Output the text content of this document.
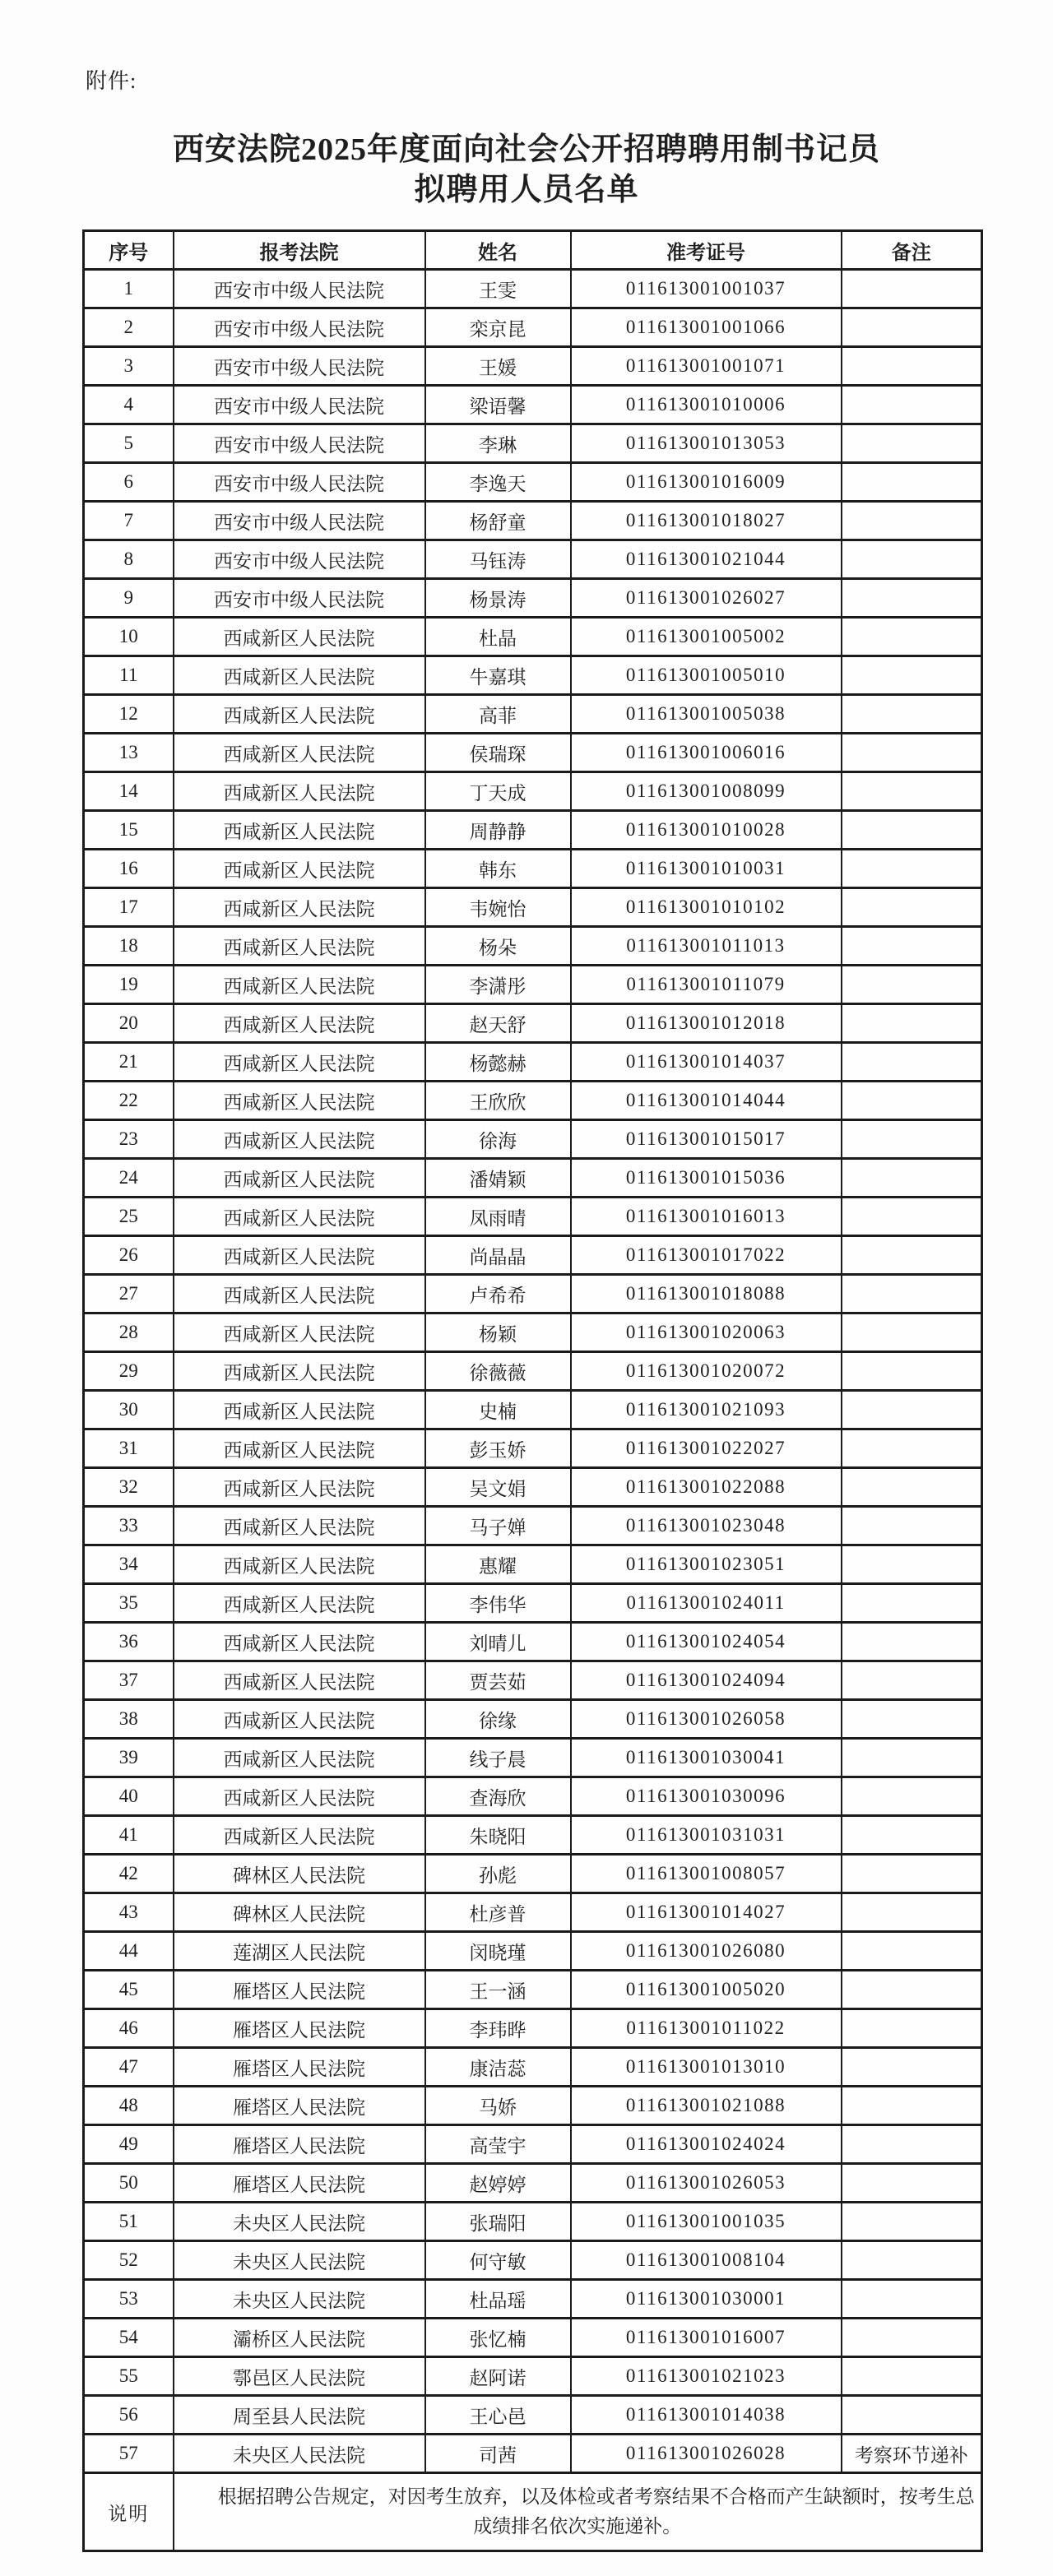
附件:
西安法院2025年度面向社会公开招聘聘用制书记员
拟聘用人员名单
序号	报考法院	姓名	准考证号	备注
1	西安市中级人民法院	王雯	011613001001037	
2	西安市中级人民法院	栾京昆	011613001001066	
3	西安市中级人民法院	王媛	011613001001071	
4	西安市中级人民法院	梁语馨	011613001010006	
5	西安市中级人民法院	李琳	011613001013053	
6	西安市中级人民法院	李逸天	011613001016009	
7	西安市中级人民法院	杨舒童	011613001018027	
8	西安市中级人民法院	马钰涛	011613001021044	
9	西安市中级人民法院	杨景涛	011613001026027	
10	西咸新区人民法院	杜晶	011613001005002	
11	西咸新区人民法院	牛嘉琪	011613001005010	
12	西咸新区人民法院	高菲	011613001005038	
13	西咸新区人民法院	侯瑞琛	011613001006016	
14	西咸新区人民法院	丁天成	011613001008099	
15	西咸新区人民法院	周静静	011613001010028	
16	西咸新区人民法院	韩东	011613001010031	
17	西咸新区人民法院	韦婉怡	011613001010102	
18	西咸新区人民法院	杨朵	011613001011013	
19	西咸新区人民法院	李潇彤	011613001011079	
20	西咸新区人民法院	赵天舒	011613001012018	
21	西咸新区人民法院	杨懿赫	011613001014037	
22	西咸新区人民法院	王欣欣	011613001014044	
23	西咸新区人民法院	徐海	011613001015017	
24	西咸新区人民法院	潘婧颖	011613001015036	
25	西咸新区人民法院	凤雨晴	011613001016013	
26	西咸新区人民法院	尚晶晶	011613001017022	
27	西咸新区人民法院	卢希希	011613001018088	
28	西咸新区人民法院	杨颖	011613001020063	
29	西咸新区人民法院	徐薇薇	011613001020072	
30	西咸新区人民法院	史楠	011613001021093	
31	西咸新区人民法院	彭玉娇	011613001022027	
32	西咸新区人民法院	吴文娟	011613001022088	
33	西咸新区人民法院	马子婵	011613001023048	
34	西咸新区人民法院	惠耀	011613001023051	
35	西咸新区人民法院	李伟华	011613001024011	
36	西咸新区人民法院	刘晴儿	011613001024054	
37	西咸新区人民法院	贾芸茹	011613001024094	
38	西咸新区人民法院	徐缘	011613001026058	
39	西咸新区人民法院	线子晨	011613001030041	
40	西咸新区人民法院	查海欣	011613001030096	
41	西咸新区人民法院	朱晓阳	011613001031031	
42	碑林区人民法院	孙彪	011613001008057	
43	碑林区人民法院	杜彦普	011613001014027	
44	莲湖区人民法院	闵晓瑾	011613001026080	
45	雁塔区人民法院	王一涵	011613001005020	
46	雁塔区人民法院	李玮晔	011613001011022	
47	雁塔区人民法院	康洁蕊	011613001013010	
48	雁塔区人民法院	马娇	011613001021088	
49	雁塔区人民法院	高莹宇	011613001024024	
50	雁塔区人民法院	赵婷婷	011613001026053	
51	未央区人民法院	张瑞阳	011613001001035	
52	未央区人民法院	何守敏	011613001008104	
53	未央区人民法院	杜品瑶	011613001030001	
54	灞桥区人民法院	张忆楠	011613001016007	
55	鄠邑区人民法院	赵阿诺	011613001021023	
56	周至县人民法院	王心邑	011613001014038	
57	未央区人民法院	司茜	011613001026028	考察环节递补
说明	根据招聘公告规定，对因考生放弃，以及体检或者考察结果不合格而产生缺额时，按考生总成绩排名依次实施递补。			
